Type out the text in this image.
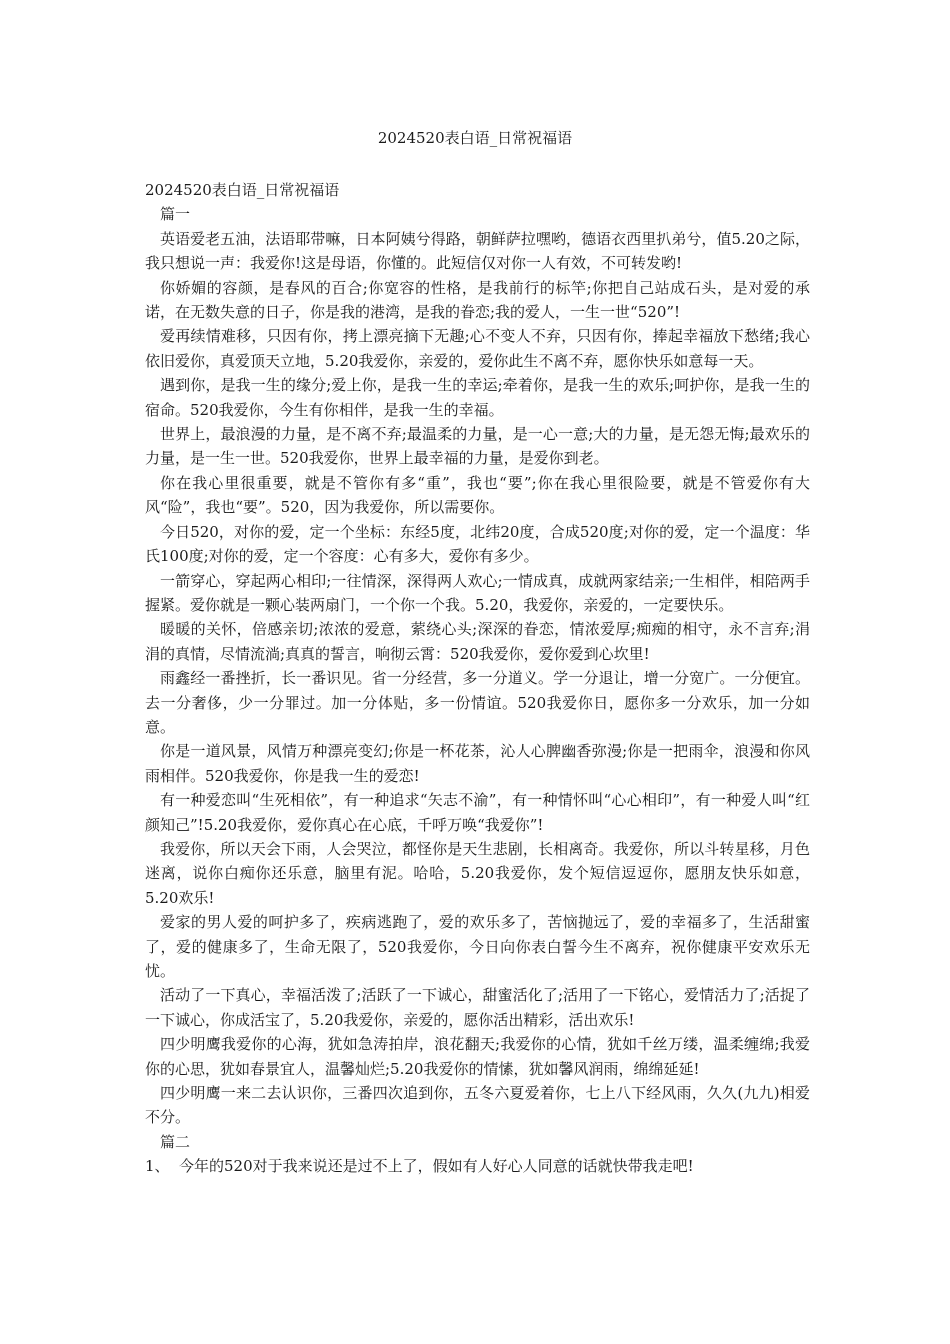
2024520表白语_日常祝福语

2024520表白语_日常祝福语

篇一

英语爱老五油，法语耶带嘛，日本阿姨兮得路，朝鲜萨拉嘿哟，德语衣西里扒弟兮，值5.20之际，我只想说一声：我爱你!这是母语，你懂的。此短信仅对你一人有效，不可转发哟!

你娇媚的容颜，是春风的百合;你宽容的性格，是我前行的标竿;你把自己站成石头，是对爱的承诺，在无数失意的日子，你是我的港湾，是我的眷恋;我的爱人，一生一世“520”!

爱再续情难移，只因有你，拷上漂亮摘下无趣;心不变人不弃，只因有你，捧起幸福放下愁绪;我心依旧爱你，真爱顶天立地，5.20我爱你，亲爱的，爱你此生不离不弃，愿你快乐如意每一天。

遇到你，是我一生的缘分;爱上你，是我一生的幸运;牵着你，是我一生的欢乐;呵护你，是我一生的宿命。520我爱你，今生有你相伴，是我一生的幸福。

世界上，最浪漫的力量，是不离不弃;最温柔的力量，是一心一意;大的力量，是无怨无悔;最欢乐的力量，是一生一世。520我爱你，世界上最幸福的力量，是爱你到老。

你在我心里很重要，就是不管你有多“重”，我也“要”;你在我心里很险要，就是不管爱你有大风“险”，我也“要”。520，因为我爱你，所以需要你。

今日520，对你的爱，定一个坐标：东经5度，北纬20度，合成520度;对你的爱，定一个温度：华氏100度;对你的爱，定一个容度：心有多大，爱你有多少。

一箭穿心，穿起两心相印;一往情深，深得两人欢心;一情成真，成就两家结亲;一生相伴，相陪两手握紧。爱你就是一颗心装两扇门，一个你一个我。5.20，我爱你，亲爱的，一定要快乐。

暖暖的关怀，倍感亲切;浓浓的爱意，萦绕心头;深深的眷恋，情浓爱厚;痴痴的相守，永不言弃;涓涓的真情，尽情流淌;真真的誓言，响彻云霄：520我爱你，爱你爱到心坎里!

雨鑫经一番挫折，长一番识见。省一分经营，多一分道义。学一分退让，增一分宽广。一分便宜。去一分奢侈，少一分罪过。加一分体贴，多一份情谊。520我爱你日，愿你多一分欢乐，加一分如意。

你是一道风景，风情万种漂亮变幻;你是一杯花茶，沁人心脾幽香弥漫;你是一把雨伞，浪漫和你风雨相伴。520我爱你，你是我一生的爱恋!

有一种爱恋叫“生死相依”，有一种追求“矢志不渝”，有一种情怀叫“心心相印”，有一种爱人叫“红颜知己”!5.20我爱你，爱你真心在心底，千呼万唤“我爱你”!

我爱你，所以天会下雨，人会哭泣，都怪你是天生悲剧，长相离奇。我爱你，所以斗转星移，月色迷离，说你白痴你还乐意，脑里有泥。哈哈，5.20我爱你，发个短信逗逗你，愿朋友快乐如意，5.20欢乐!

爱家的男人爱的呵护多了，疾病逃跑了，爱的欢乐多了，苦恼抛远了，爱的幸福多了，生活甜蜜了，爱的健康多了，生命无限了，520我爱你，今日向你表白誓今生不离弃，祝你健康平安欢乐无忧。

活动了一下真心，幸福活泼了;活跃了一下诚心，甜蜜活化了;活用了一下铭心，爱情活力了;活捉了一下诚心，你成活宝了，5.20我爱你，亲爱的，愿你活出精彩，活出欢乐!

四少明鹰我爱你的心海，犹如急涛拍岸，浪花翻天;我爱你的心情，犹如千丝万缕，温柔缠绵;我爱你的心思，犹如春景宜人，温馨灿烂;5.20我爱你的情愫，犹如馨风润雨，绵绵延延!

四少明鹰一来二去认识你，三番四次追到你，五冬六夏爱着你，七上八下经风雨，久久(九九)相爱不分。

篇二

1、 今年的520对于我来说还是过不上了，假如有人好心人同意的话就快带我走吧!
